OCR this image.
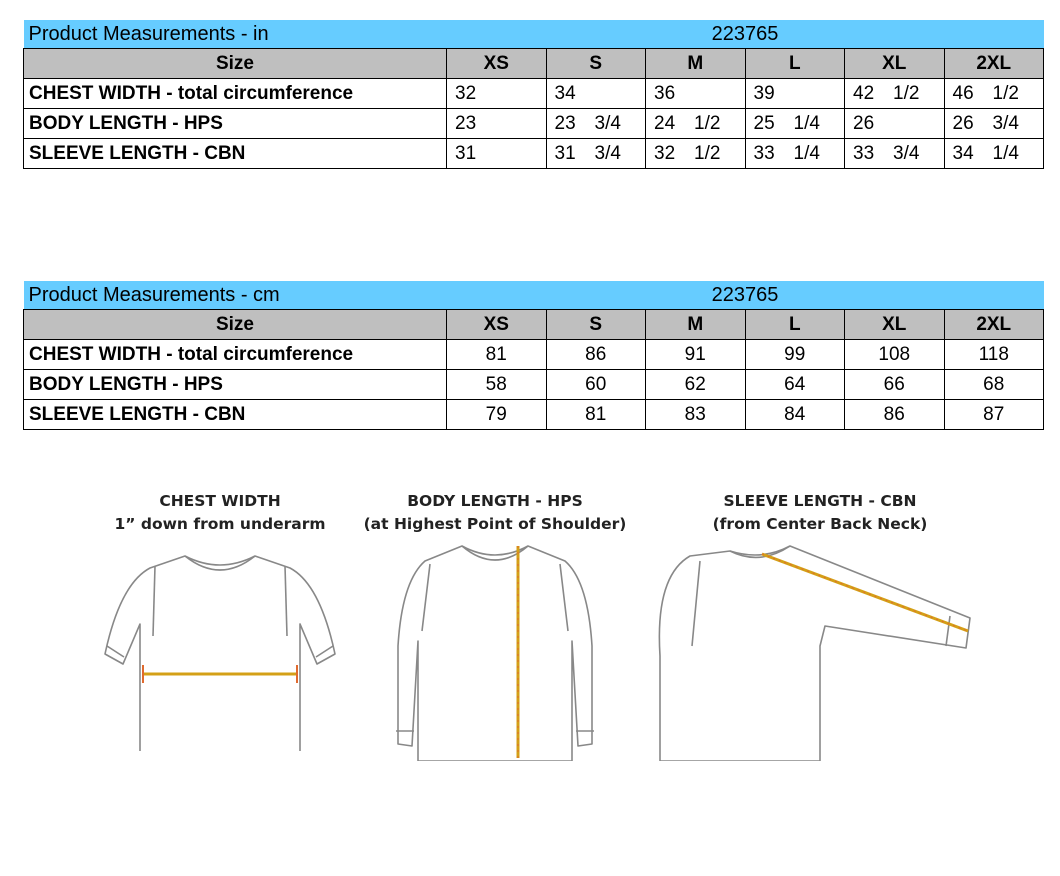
Product Measurements - in	223765					
Size	XS	S	M	L	XL	2XL
CHEST WIDTH - total circumference	32	34	36	39	42 1/2	46 1/2
BODY LENGTH - HPS	23	23 3/4	24 1/2	25 1/4	26	26 3/4
SLEEVE LENGTH - CBN	31	31 3/4	32 1/2	33 1/4	33 3/4	34 1/4
Product Measurements - cm	223765					
Size	XS	S	M	L	XL	2XL
CHEST WIDTH - total circumference	81	86	91	99	108	118
BODY LENGTH - HPS	58	60	62	64	66	68
SLEEVE LENGTH - CBN	79	81	83	84	86	87
CHEST WIDTH
1” down from underarm
BODY LENGTH - HPS
(at Highest Point of Shoulder)
SLEEVE LENGTH - CBN
(from Center Back Neck)
